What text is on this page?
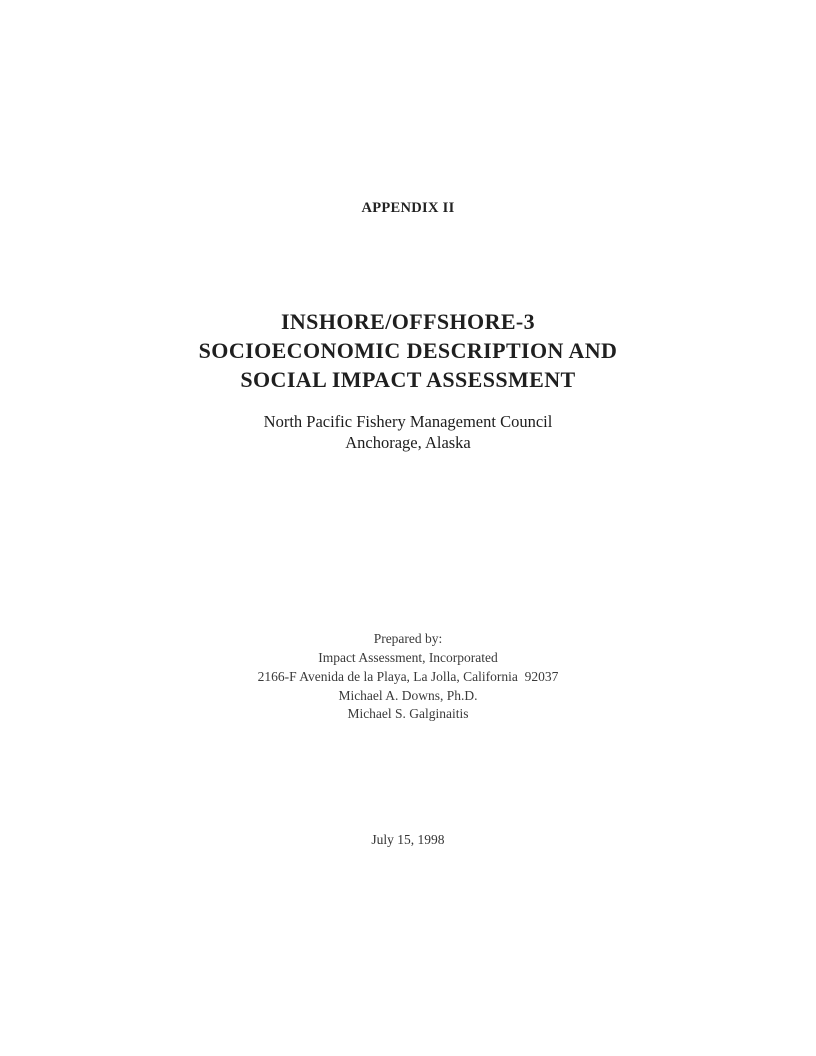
APPENDIX II
INSHORE/OFFSHORE-3
SOCIOECONOMIC DESCRIPTION AND
SOCIAL IMPACT ASSESSMENT
North Pacific Fishery Management Council
Anchorage, Alaska
Prepared by:
Impact Assessment, Incorporated
2166-F Avenida de la Playa, La Jolla, California  92037
Michael A. Downs, Ph.D.
Michael S. Galginaitis
July 15, 1998
